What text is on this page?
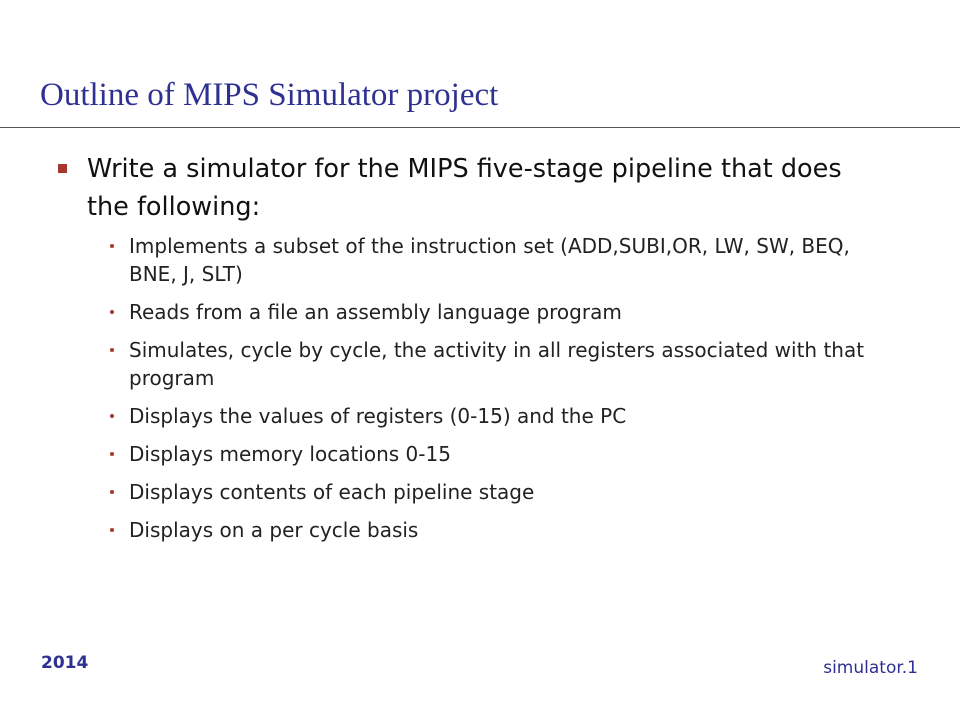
Outline of MIPS Simulator project
Write a simulator for the MIPS five-stage pipeline that does the following:
Implements a subset of the instruction set (ADD,SUBI,OR, LW, SW, BEQ, BNE, J, SLT)
Reads from a file an assembly language program
Simulates, cycle by cycle, the activity in all registers associated with that program
Displays the values of registers (0-15) and the PC
Displays memory locations 0-15
Displays contents of each pipeline stage
Displays on a per cycle basis
2014	simulator.1
